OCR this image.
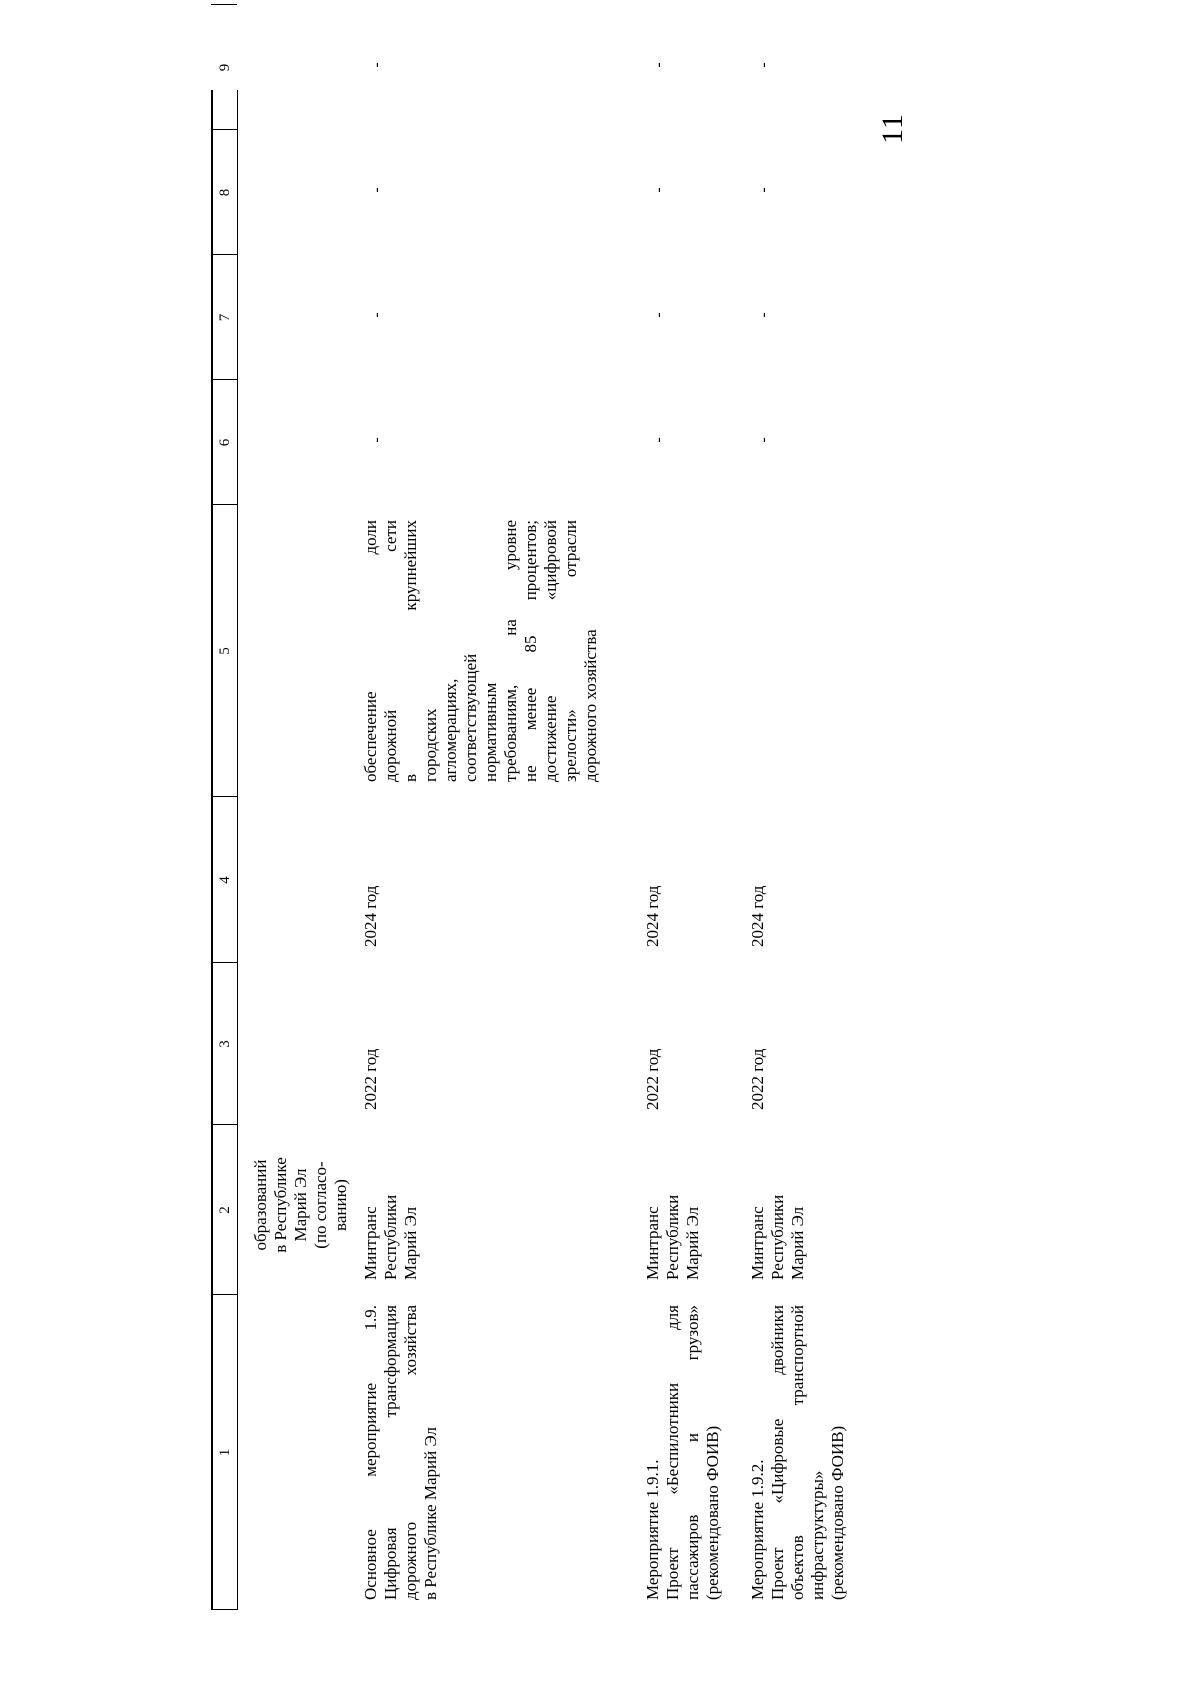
11
1
2
3
4
5
6
7
8
9
образований в Республике Марий Эл (по согласо- ванию)
Основное мероприятие 1.9. Цифровая трансформация дорожного хозяйства в Республике Марий Эл
Минтранс Республики Марий Эл
2022 год
2024 год
обеспечение доли дорожной сети в крупнейших городских агломерациях, соответствующей нормативным требованиям, на уровне не менее 85 процентов; достижение «цифровой зрелости» отрасли дорожного хозяйства
-
-
-
-
Мероприятие 1.9.1. Проект «Беспилотники для пассажиров и грузов» (рекомендовано ФОИВ)
Минтранс Республики Марий Эл
2022 год
2024 год
-
-
-
-
Мероприятие 1.9.2. Проект «Цифровые двойники объектов транспортной инфраструктуры» (рекомендовано ФОИВ)
Минтранс Республики Марий Эл
2022 год
2024 год
-
-
-
-
